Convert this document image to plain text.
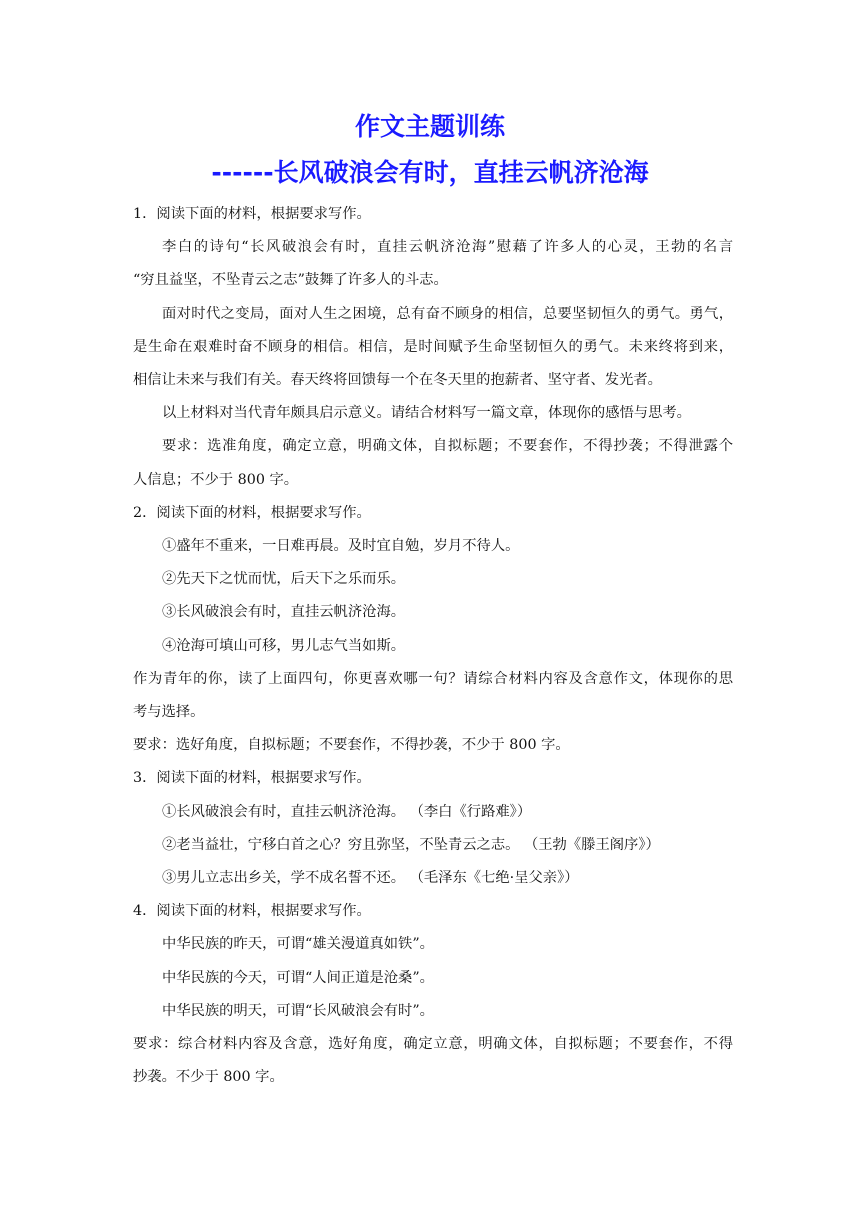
作文主题训练
------长风破浪会有时，直挂云帆济沧海

1．阅读下面的材料，根据要求写作。

李白的诗句“长风破浪会有时，直挂云帆济沧海”慰藉了许多人的心灵，王勃的名言

“穷且益坚，不坠青云之志”鼓舞了许多人的斗志。

面对时代之变局，面对人生之困境，总有奋不顾身的相信，总要坚韧恒久的勇气。勇气，

是生命在艰难时奋不顾身的相信。相信，是时间赋予生命坚韧恒久的勇气。未来终将到来，

相信让未来与我们有关。春天终将回馈每一个在冬天里的抱薪者、坚守者、发光者。

以上材料对当代青年颇具启示意义。请结合材料写一篇文章，体现你的感悟与思考。

要求：选准角度，确定立意，明确文体，自拟标题；不要套作，不得抄袭；不得泄露个

人信息；不少于 800 字。

2．阅读下面的材料，根据要求写作。

①盛年不重来，一日难再晨。及时宜自勉，岁月不待人。

②先天下之忧而忧，后天下之乐而乐。

③长风破浪会有时，直挂云帆济沧海。

④沧海可填山可移，男儿志气当如斯。

作为青年的你，读了上面四句，你更喜欢哪一句？请综合材料内容及含意作文，体现你的思

考与选择。

要求：选好角度，自拟标题；不要套作，不得抄袭，不少于 800 字。

3．阅读下面的材料，根据要求写作。

①长风破浪会有时，直挂云帆济沧海。 （李白《行路难》）

②老当益壮，宁移白首之心？穷且弥坚，不坠青云之志。 （王勃《滕王阁序》）

③男儿立志出乡关，学不成名誓不还。 （毛泽东《七绝·呈父亲》）

4．阅读下面的材料，根据要求写作。

中华民族的昨天，可谓“雄关漫道真如铁”。

中华民族的今天，可谓“人间正道是沧桑”。

中华民族的明天，可谓“长风破浪会有时”。

要求：综合材料内容及含意，选好角度，确定立意，明确文体，自拟标题；不要套作，不得

抄袭。不少于 800 字。
